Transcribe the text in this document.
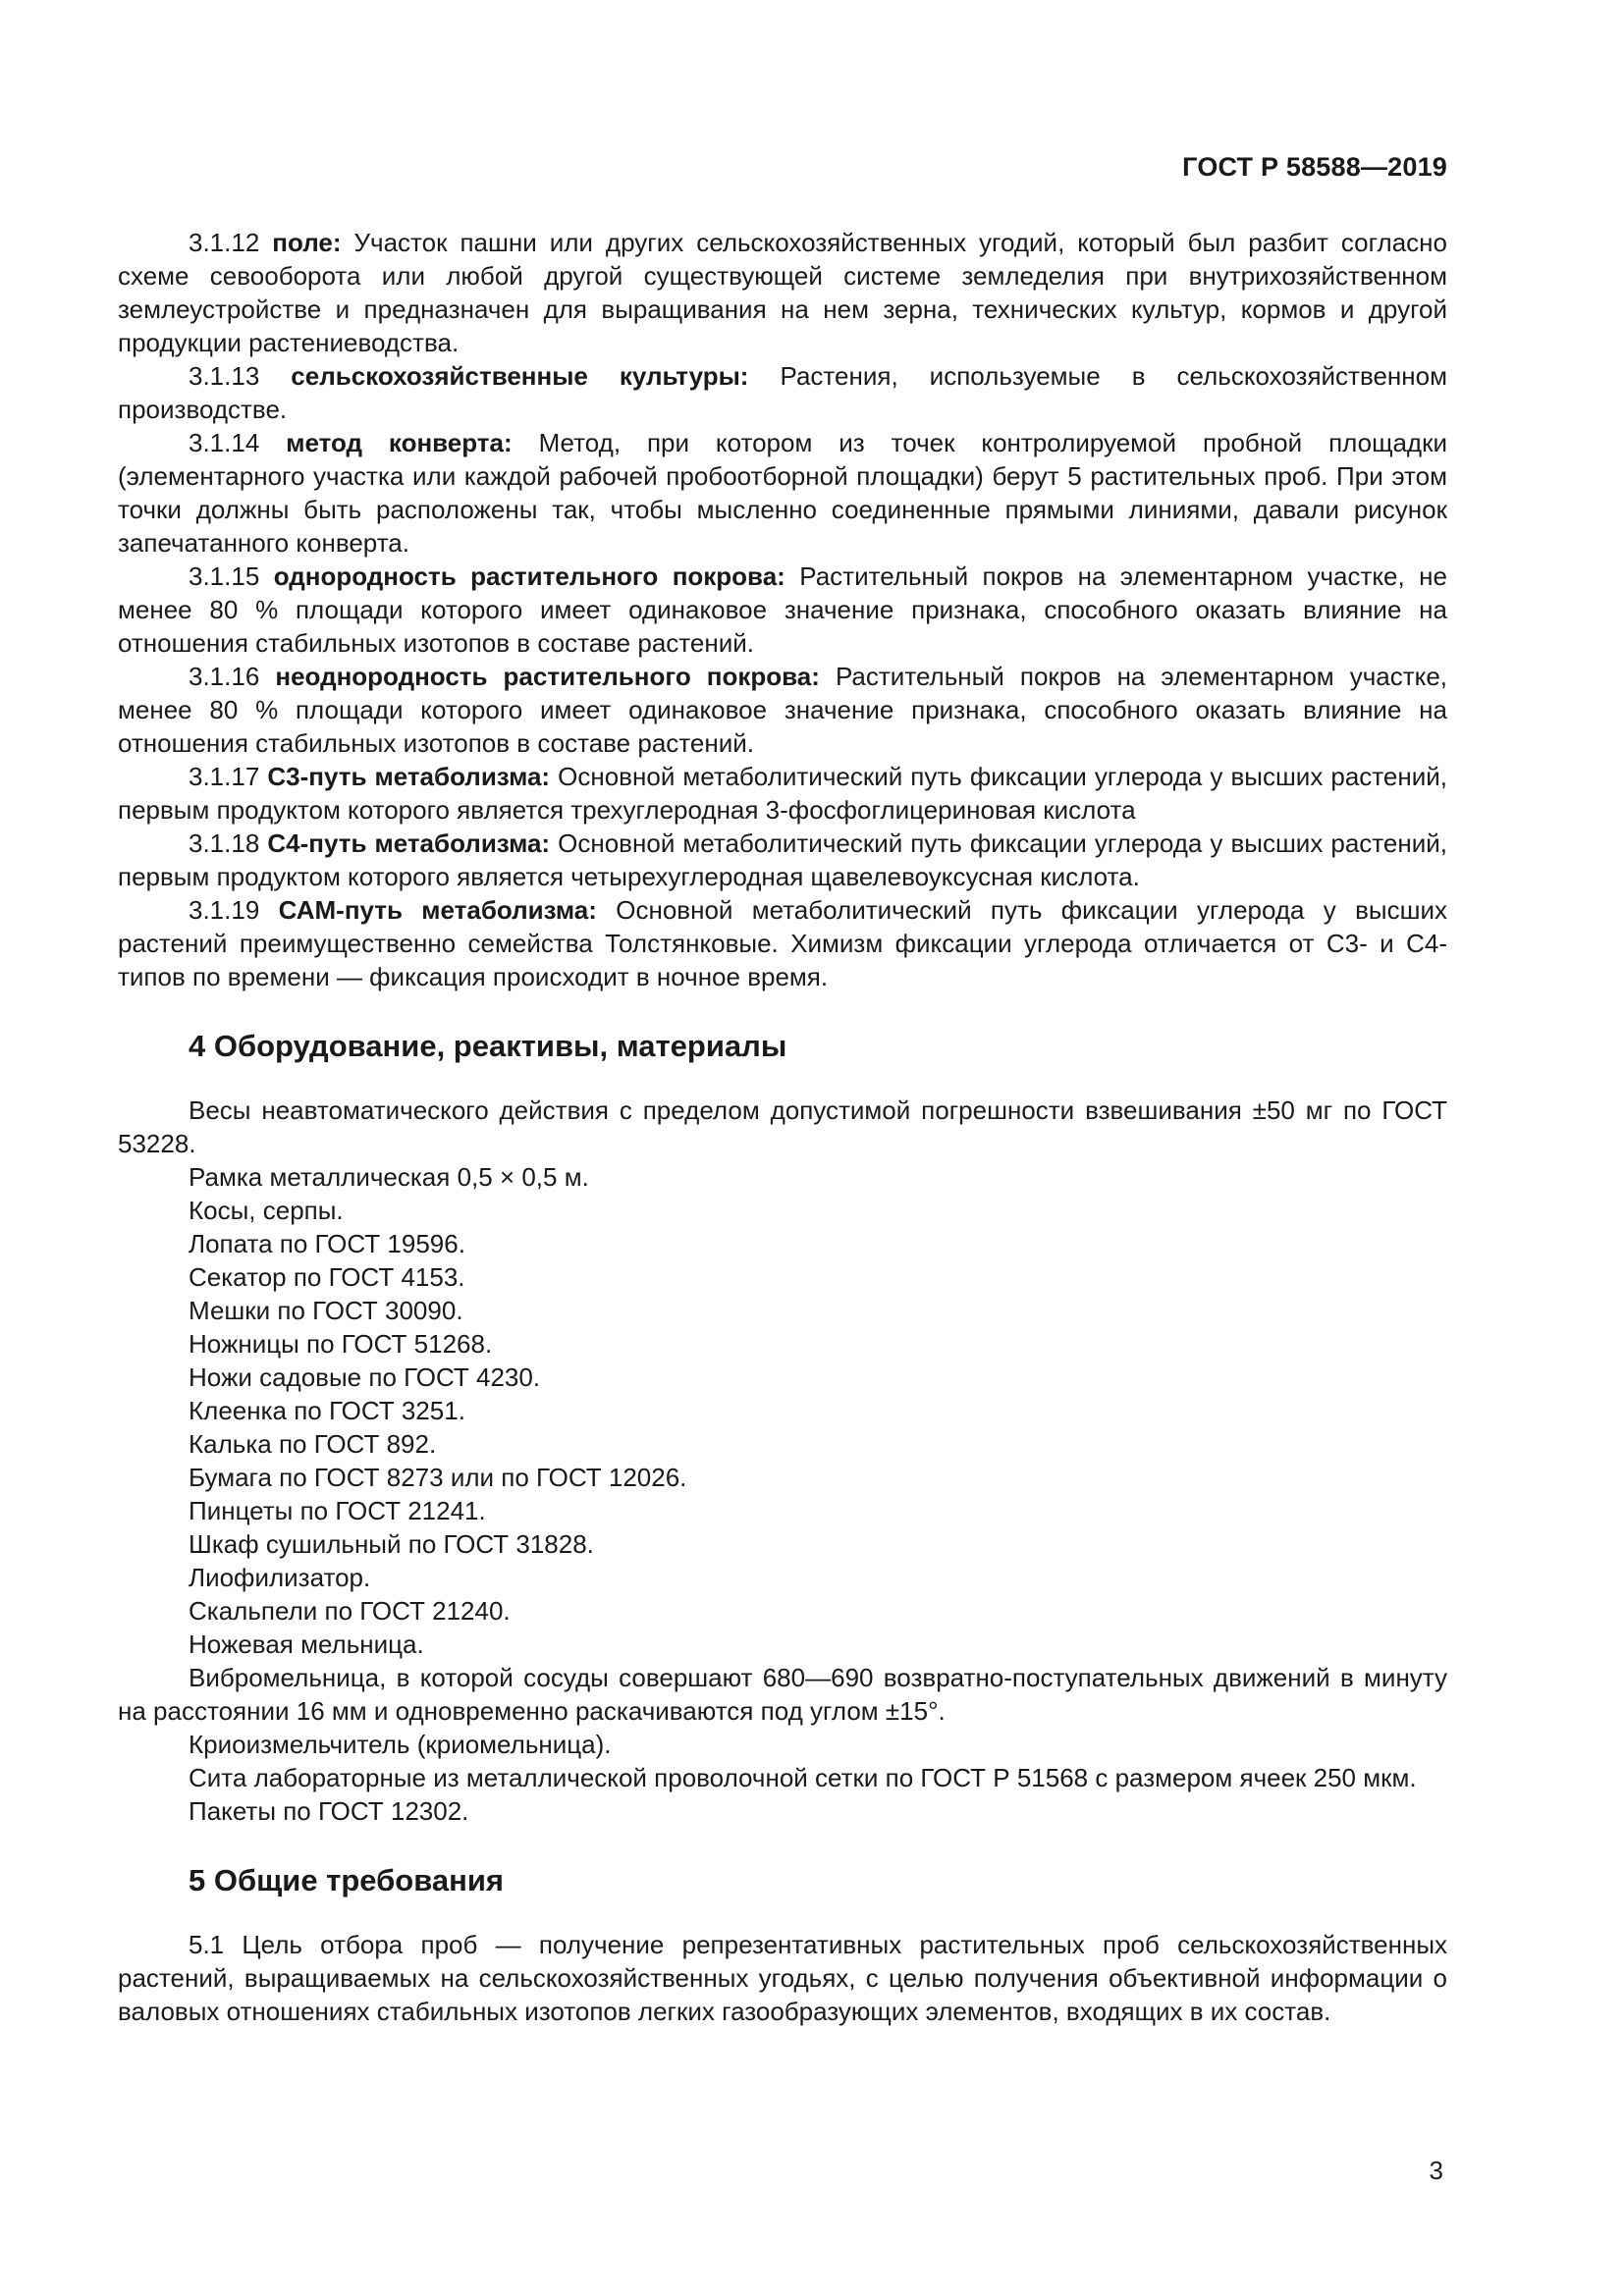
ГОСТ Р 58588—2019

3.1.12 поле: Участок пашни или других сельскохозяйственных угодий, который был разбит согласно схеме севооборота или любой другой существующей системе земледелия при внутрихозяйственном землеустройстве и предназначен для выращивания на нем зерна, технических культур, кормов и другой продукции растениеводства.

3.1.13 сельскохозяйственные культуры: Растения, используемые в сельскохозяйственном производстве.

3.1.14 метод конверта: Метод, при котором из точек контролируемой пробной площадки (элементарного участка или каждой рабочей пробоотборной площадки) берут 5 растительных проб. При этом точки должны быть расположены так, чтобы мысленно соединенные прямыми линиями, давали рисунок запечатанного конверта.

3.1.15 однородность растительного покрова: Растительный покров на элементарном участке, не менее 80 % площади которого имеет одинаковое значение признака, способного оказать влияние на отношения стабильных изотопов в составе растений.

3.1.16 неоднородность растительного покрова: Растительный покров на элементарном участке, менее 80 % площади которого имеет одинаковое значение признака, способного оказать влияние на отношения стабильных изотопов в составе растений.

3.1.17 С3-путь метаболизма: Основной метаболитический путь фиксации углерода у высших растений, первым продуктом которого является трехуглеродная 3-фосфоглицериновая кислота

3.1.18 С4-путь метаболизма: Основной метаболитический путь фиксации углерода у высших растений, первым продуктом которого является четырехуглеродная щавелевоуксусная кислота.

3.1.19 САМ-путь метаболизма: Основной метаболитический путь фиксации углерода у высших растений преимущественно семейства Толстянковые. Химизм фиксации углерода отличается от С3- и С4-типов по времени — фиксация происходит в ночное время.

4 Оборудование, реактивы, материалы

Весы неавтоматического действия с пределом допустимой погрешности взвешивания ±50 мг по ГОСТ 53228.

Рамка металлическая 0,5 × 0,5 м.

Косы, серпы.

Лопата по ГОСТ 19596.

Секатор по ГОСТ 4153.

Мешки по ГОСТ 30090.

Ножницы по ГОСТ 51268.

Ножи садовые по ГОСТ 4230.

Клеенка по ГОСТ 3251.

Калька по ГОСТ 892.

Бумага по ГОСТ 8273 или по ГОСТ 12026.

Пинцеты по ГОСТ 21241.

Шкаф сушильный по ГОСТ 31828.

Лиофилизатор.

Скальпели по ГОСТ 21240.

Ножевая мельница.

Вибромельница, в которой сосуды совершают 680—690 возвратно-поступательных движений в минуту на расстоянии 16 мм и одновременно раскачиваются под углом ±15°.

Криоизмельчитель (криомельница).

Сита лабораторные из металлической проволочной сетки по ГОСТ Р 51568 с размером ячеек 250 мкм.

Пакеты по ГОСТ 12302.

5 Общие требования

5.1 Цель отбора проб — получение репрезентативных растительных проб сельскохозяйственных растений, выращиваемых на сельскохозяйственных угодьях, с целью получения объективной информации о валовых отношениях стабильных изотопов легких газообразующих элементов, входящих в их состав.

3
